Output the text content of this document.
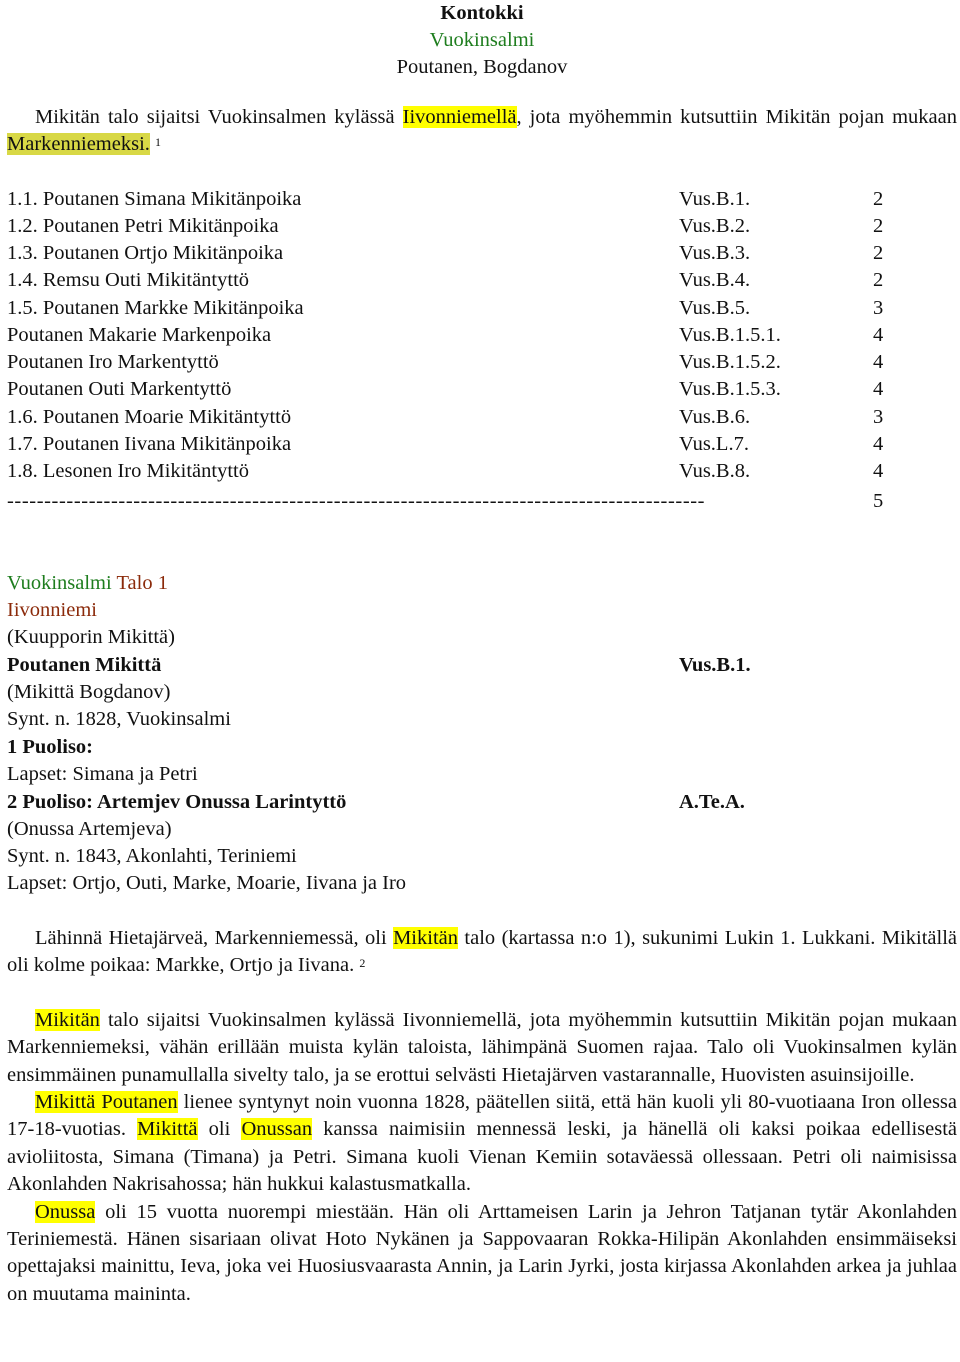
Kontokki
Vuokinsalmi
Poutanen, Bogdanov

Mikitän talo sijaitsi Vuokinsalmen kylässä Iivonniemellä, jota myöhemmin kutsuttiin Mikitän pojan mukaan Markenniemeksi. $^1$

1.1. Poutanen Simana Mikitänpoika	Vus.B.1.	2
1.2. Poutanen Petri Mikitänpoika	Vus.B.2.	2
1.3. Poutanen Ortjo Mikitänpoika	Vus.B.3.	2
1.4. Remsu Outi Mikitäntyttö	Vus.B.4.	2
1.5. Poutanen Markke Mikitänpoika	Vus.B.5.	3
Poutanen Makarie Markenpoika	Vus.B.1.5.1.	4
Poutanen Iro Markentyttö	Vus.B.1.5.2.	4
Poutanen Outi Markentyttö	Vus.B.1.5.3.	4
1.6. Poutanen Moarie Mikitäntyttö	Vus.B.6.	3
1.7. Poutanen Iivana Mikitänpoika	Vus.L.7.	4
1.8. Lesonen Iro Mikitäntyttö	Vus.B.8.	4
----------------------------------------------------------------------------------------------	5
Vuokinsalmi Talo 1
Iivonniemi
(Kuupporin Mikittä)
Poutanen Mikittä	Vus.B.1.
(Mikittä Bogdanov)
Synt. n. 1828, Vuokinsalmi
1 Puoliso:
Lapset: Simana ja Petri
2 Puoliso: Artemjev Onussa Larintyttö	A.Te.A.
(Onussa Artemjeva)
Synt. n. 1843, Akonlahti, Teriniemi
Lapset: Ortjo, Outi, Marke, Moarie, Iivana ja Iro

Lähinnä Hietajärveä, Markenniemessä, oli Mikitän talo (kartassa n:o 1), sukunimi Lukin 1. Lukkani. Mikitällä oli kolme poikaa: Markke, Ortjo ja Iivana. $^2$

Mikitän talo sijaitsi Vuokinsalmen kylässä Iivonniemellä, jota myöhemmin kutsuttiin Mikitän pojan mukaan Markenniemeksi, vähän erillään muista kylän taloista, lähimpänä Suomen rajaa. Talo oli Vuokinsalmen kylän ensimmäinen punamullalla sivelty talo, ja se erottui selvästi Hietajärven vastarannalle, Huovisten asuinsijoille.

Mikittä Poutanen lienee syntynyt noin vuonna 1828, päätellen siitä, että hän kuoli yli 80-vuotiaana Iron ollessa 17-18-vuotias. Mikittä oli Onussan kanssa naimisiin mennessä leski, ja hänellä oli kaksi poikaa edellisestä avioliitosta, Simana (Timana) ja Petri. Simana kuoli Vienan Kemiin sotaväessä ollessaan. Petri oli naimisissa Akonlahden Nakrisahossa; hän hukkui kalastusmatkalla.

Onussa oli 15 vuotta nuorempi miestään. Hän oli Arttameisen Larin ja Jehron Tatjanan tytär Akonlahden Teriniemestä. Hänen sisariaan olivat Hoto Nykänen ja Sappovaaran Rokka-Hilipän Akonlahden ensimmäiseksi opettajaksi mainittu, Ieva, joka vei Huosiusvaarasta Annin, ja Larin Jyrki, josta kirjassa Akonlahden arkea ja juhlaa on muutama maininta.
